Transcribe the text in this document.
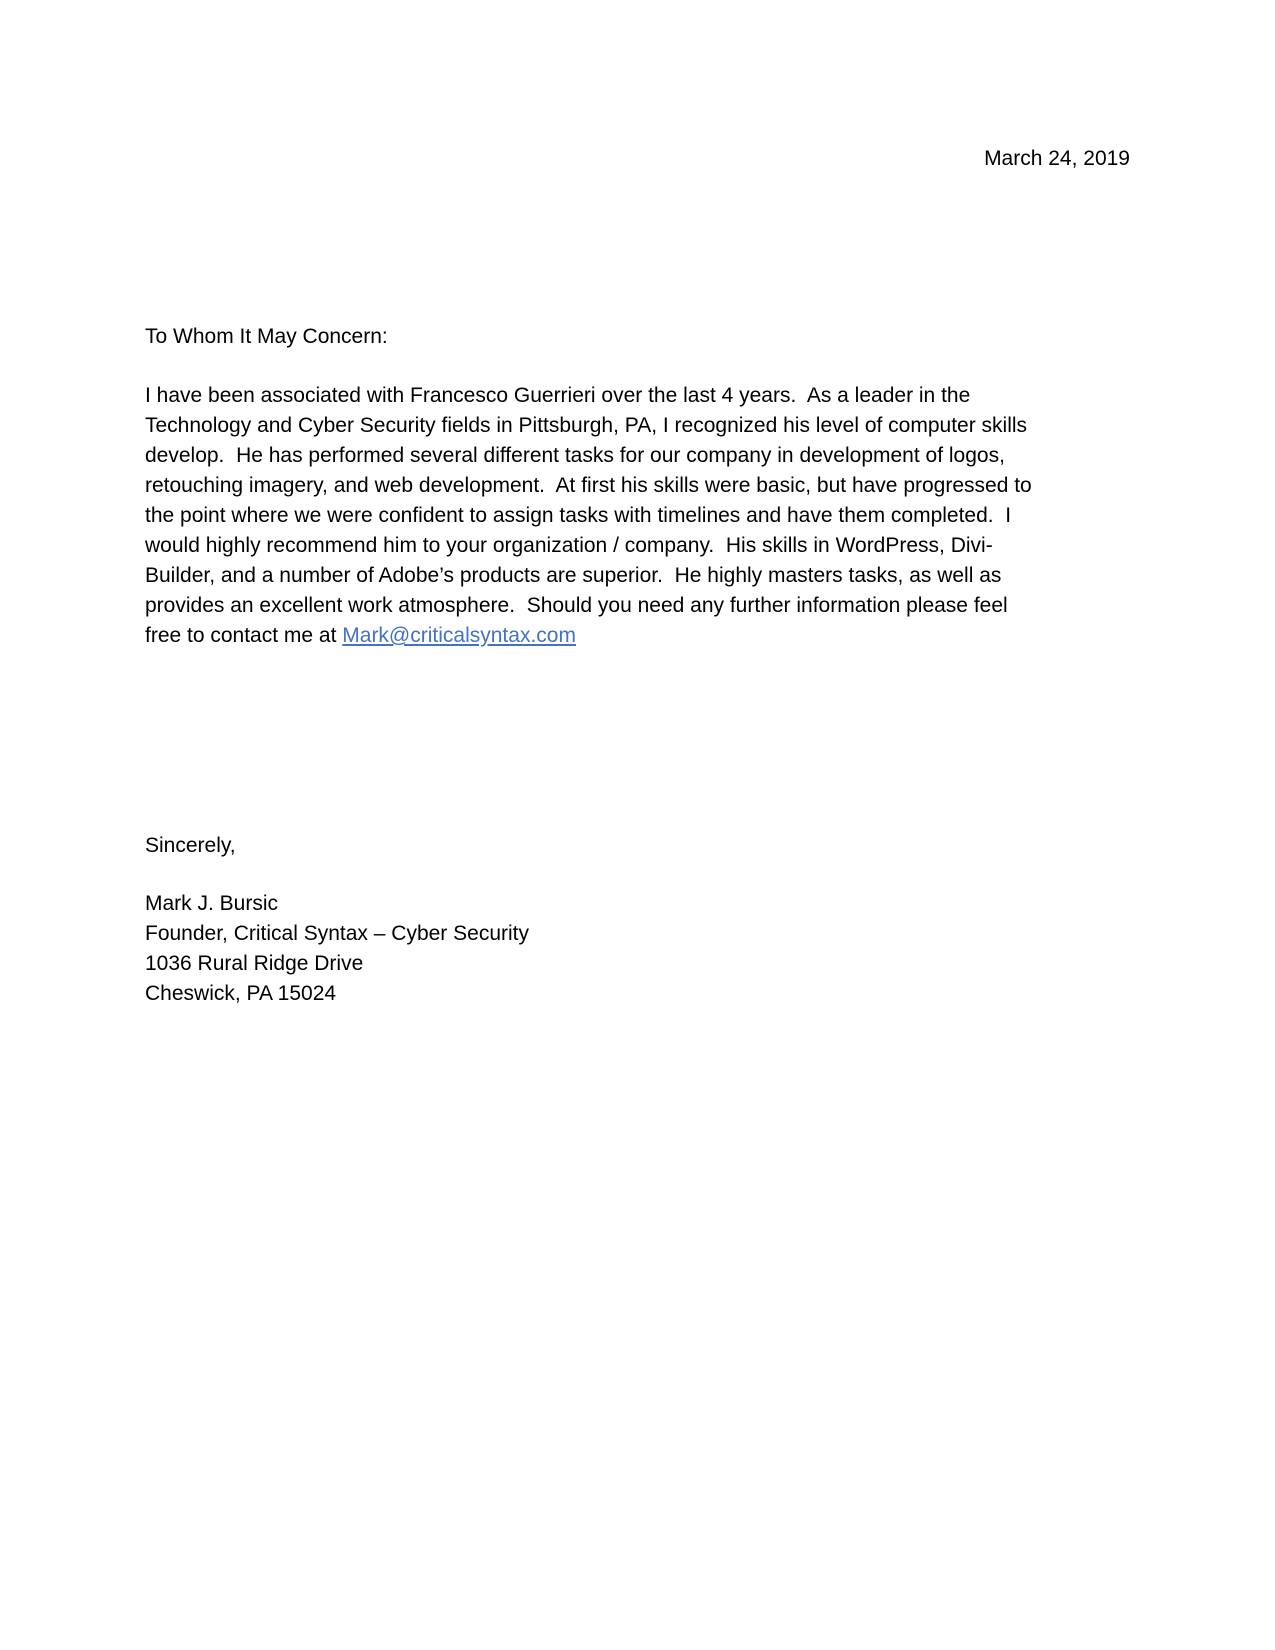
March 24, 2019
To Whom It May Concern:
I have been associated with Francesco Guerrieri over the last 4 years.  As a leader in the
Technology and Cyber Security fields in Pittsburgh, PA, I recognized his level of computer skills
develop.  He has performed several different tasks for our company in development of logos,
retouching imagery, and web development.  At first his skills were basic, but have progressed to
the point where we were confident to assign tasks with timelines and have them completed.  I
would highly recommend him to your organization / company.  His skills in WordPress, Divi-
Builder, and a number of Adobe’s products are superior.  He highly masters tasks, as well as
provides an excellent work atmosphere.  Should you need any further information please feel
free to contact me at Mark@criticalsyntax.com
Sincerely,
Mark J. Bursic
Founder, Critical Syntax – Cyber Security
1036 Rural Ridge Drive
Cheswick, PA 15024
